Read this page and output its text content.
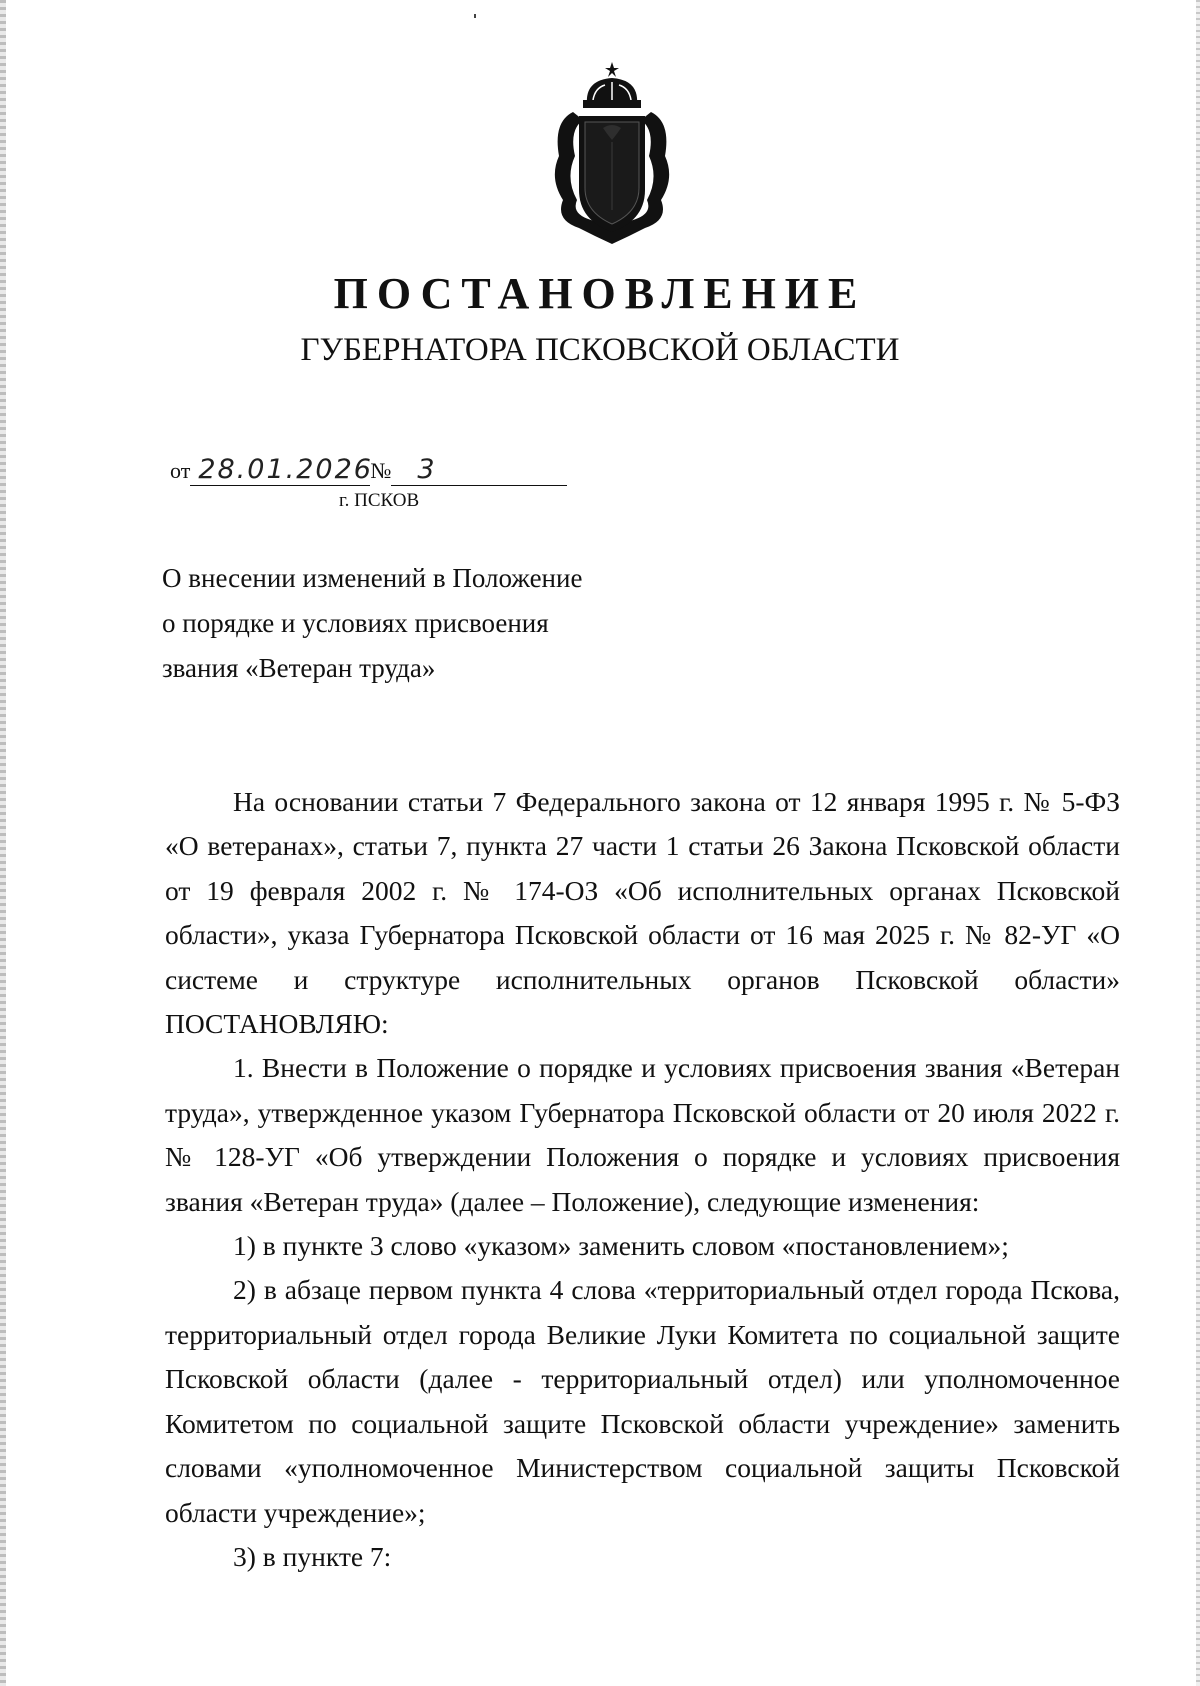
ПОСТАНОВЛЕНИЕ
ГУБЕРНАТОРА ПСКОВСКОЙ ОБЛАСТИ
от 28.01.2026№ 3
г. ПСКОВ
О внесении изменений в Положение
о порядке и условиях присвоения
звания «Ветеран труда»

На основании статьи 7 Федерального закона от 12 января 1995 г. № 5-ФЗ «О ветеранах», статьи 7, пункта 27 части 1 статьи 26 Закона Псковской области от 19 февраля 2002 г. № 174-ОЗ «Об исполнительных органах Псковской области», указа Губернатора Псковской области от 16 мая 2025 г. № 82-УГ «О системе и структуре исполнительных органов Псковской области» ПОСТАНОВЛЯЮ:

1. Внести в Положение о порядке и условиях присвоения звания «Ветеран труда», утвержденное указом Губернатора Псковской области от 20 июля 2022 г. № 128-УГ «Об утверждении Положения о порядке и условиях присвоения звания «Ветеран труда» (далее – Положение), следующие изменения:

1) в пункте 3 слово «указом» заменить словом «постановлением»;

2) в абзаце первом пункта 4 слова «территориальный отдел города Пскова, территориальный отдел города Великие Луки Комитета по социальной защите Псковской области (далее - территориальный отдел) или уполномоченное Комитетом по социальной защите Псковской области учреждение» заменить словами «уполномоченное Министерством социальной защиты Псковской области учреждение»;

3) в пункте 7:
